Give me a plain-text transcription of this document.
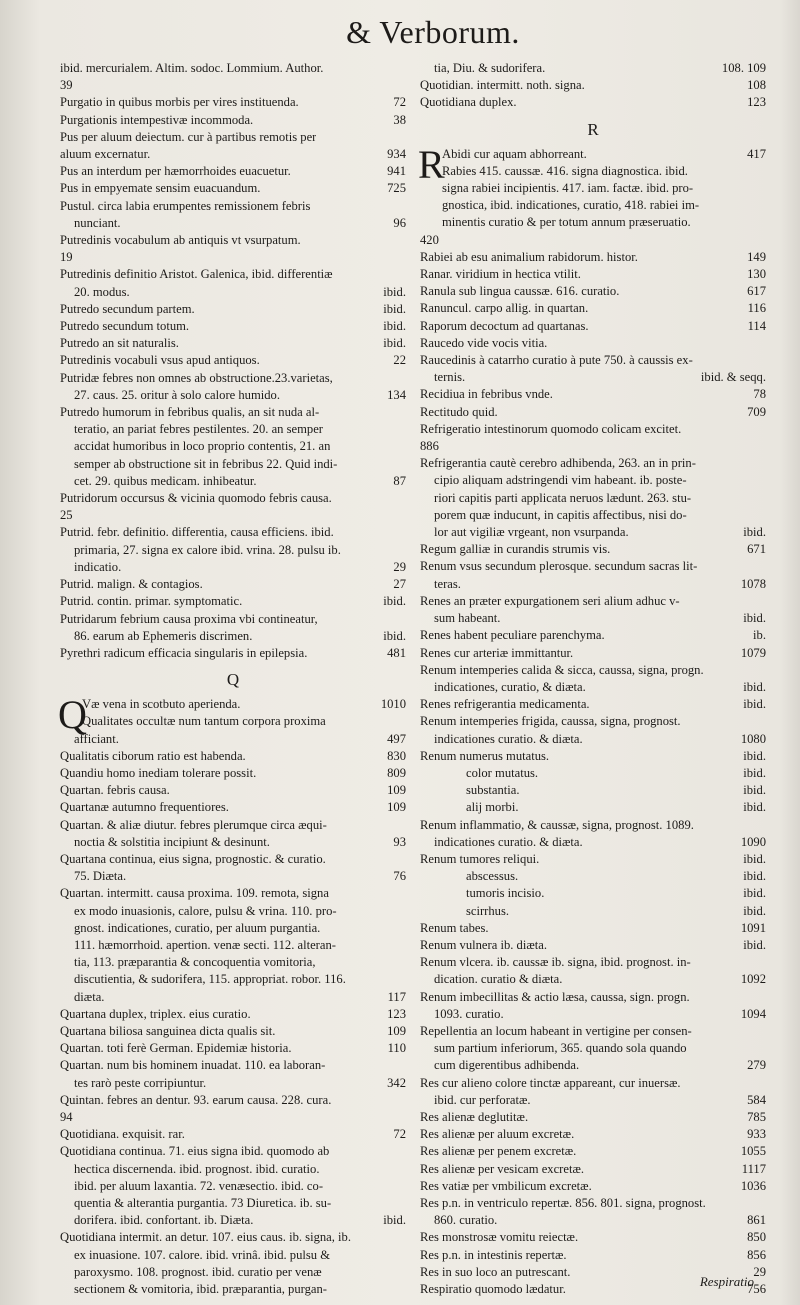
& Verborum.
ibid. mercurialem. Altim. sodoc. Lommium. Author.
39
Purgatio in quibus morbis per vires instituenda.	72
Purgationis intempestivæ incommoda.	38
Pus per aluum deiectum. cur à partibus remotis per
aluum excernatur.	934
Pus an interdum per hæmorrhoides euacuetur.	941
Pus in empyemate sensim euacuandum.	725
Pustul. circa labia erumpentes remissionem febris
nunciant.	96
Putredinis vocabulum ab antiquis vt vsurpatum.
19
Putredinis definitio Aristot. Galenica, ibid. differentiæ
20. modus.	ibid.
Putredo secundum partem.	ibid.
Putredo secundum totum.	ibid.
Putredo an sit naturalis.	ibid.
Putredinis vocabuli vsus apud antiquos.	22
Putridæ febres non omnes ab obstructione.23.varietas,
27. caus. 25. oritur à solo calore humido.	134
Putredo humorum in febribus qualis, an sit nuda al-
teratio, an pariat febres pestilentes. 20. an semper
accidat humoribus in loco proprio contentis, 21. an
semper ab obstructione sit in febribus 22. Quid indi-
cet. 29. quibus medicam. inhibeatur.	87
Putridorum occursus & vicinia quomodo febris causa.
25
Putrid. febr. definitio. differentia, causa efficiens. ibid.
primaria, 27. signa ex calore ibid. vrina. 28. pulsu ib.
indicatio.	29
Putrid. malign. & contagios.	27
Putrid. contin. primar. symptomatic.	ibid.
Putridarum febrium causa proxima vbi contineatur,
86. earum ab Ephemeris discrimen.	ibid.
Pyrethri radicum efficacia singularis in epilepsia.	481
Q
Q
Væ vena in scotbuto aperienda.	1010
Qualitates occultæ num tantum corpora proxima
afficiant.	497
Qualitatis ciborum ratio est habenda.	830
Quandiu homo inediam tolerare possit.	809
Quartan. febris causa.	109
Quartanæ autumno frequentiores.	109
Quartan. & aliæ diutur. febres plerumque circa æqui-
noctia & solstitia incipiunt & desinunt.	93
Quartana continua, eius signa, prognostic. & curatio.
75. Diæta.	76
Quartan. intermitt. causa proxima. 109. remota, signa
ex modo inuasionis, calore, pulsu & vrina. 110. pro-
gnost. indicationes, curatio, per aluum purgantia.
111. hæmorrhoid. apertion. venæ secti. 112. alteran-
tia, 113. præparantia & concoquentia vomitoria,
discutientia, & sudorifera, 115. appropriat. robor. 116.
diæta.	117
Quartana duplex, triplex. eius curatio.	123
Quartana biliosa sanguinea dicta qualis sit.	109
Quartan. toti ferè German. Epidemiæ historia.	110
Quartan. num bis hominem inuadat. 110. ea laboran-
tes rarò peste corripiuntur.	342
Quintan. febres an dentur. 93. earum causa. 228. cura.
94
Quotidiana. exquisit. rar.	72
Quotidiana continua. 71. eius signa ibid. quomodo ab
hectica discernenda. ibid. prognost. ibid. curatio.
ibid. per aluum laxantia. 72. venæsectio. ibid. co-
quentia & alterantia purgantia. 73 Diuretica. ib. su-
dorifera. ibid. confortant. ib. Diæta.	ibid.
Quotidiana intermit. an detur. 107. eius caus. ib. signa, ib.
ex inuasione. 107. calore. ibid. vrinâ. ibid. pulsu &
paroxysmo. 108. prognost. ibid. curatio per venæ
sectionem & vomitoria, ibid. præparantia, purgan-
tia, Diu. & sudorifera.	108. 109
Quotidian. intermitt. noth. signa.	108
Quotidiana duplex.	123
R
R
Abidi cur aquam abhorreant.	417
Rabies 415. caussæ. 416. signa diagnostica. ibid.
signa rabiei incipientis. 417. iam. factæ. ibid. pro-
gnostica, ibid. indicationes, curatio, 418. rabiei im-
minentis curatio & per totum annum præseruatio.
420
Rabiei ab esu animalium rabidorum. histor.	149
Ranar. viridium in hectica vtilit.	130
Ranula sub lingua caussæ. 616. curatio.	617
Ranuncul. carpo allig. in quartan.	116
Raporum decoctum ad quartanas.	114
Raucedo vide vocis vitia.
Raucedinis à catarrho curatio à pute 750. à caussis ex-
ternis.	ibid. & seqq.
Recidiua in febribus vnde.	78
Rectitudo quid.	709
Refrigeratio intestinorum quomodo colicam excitet.
886
Refrigerantia cautè cerebro adhibenda, 263. an in prin-
cipio aliquam adstringendi vim habeant. ib. poste-
riori capitis parti applicata neruos lædunt. 263. stu-
porem quæ inducunt, in capitis affectibus, nisi do-
lor aut vigiliæ vrgeant, non vsurpanda.	ibid.
Regum galliæ in curandis strumis vis.	671
Renum vsus secundum plerosque. secundum sacras lit-
teras.	1078
Renes an præter expurgationem seri alium adhuc v-
sum habeant.	ibid.
Renes habent peculiare parenchyma.	ib.
Renes cur arteriæ immittantur.	1079
Renum intemperies calida & sicca, caussa, signa, progn.
indicationes, curatio, & diæta.	ibid.
Renes refrigerantia medicamenta.	ibid.
Renum intemperies frigida, caussa, signa, prognost.
indicationes curatio. & diæta.	1080
Renum numerus mutatus.	ibid.
color mutatus.	ibid.
substantia.	ibid.
alij morbi.	ibid.
Renum inflammatio, & caussæ, signa, prognost. 1089.
indicationes curatio. & diæta.	1090
Renum tumores reliqui.	ibid.
abscessus.	ibid.
tumoris incisio.	ibid.
scirrhus.	ibid.
Renum tabes.	1091
Renum vulnera ib. diæta.	ibid.
Renum vlcera. ib. caussæ ib. signa, ibid. prognost. in-
dication. curatio & diæta.	1092
Renum imbecillitas & actio læsa, caussa, sign. progn.
1093. curatio.	1094
Repellentia an locum habeant in vertigine per consen-
sum partium inferiorum, 365. quando sola quando
cum digerentibus adhibenda.	279
Res cur alieno colore tinctæ appareant, cur inuersæ.
ibid. cur perforatæ.	584
Res alienæ deglutitæ.	785
Res alienæ per aluum excretæ.	933
Res alienæ per penem excretæ.	1055
Res alienæ per vesicam excretæ.	1117
Res vatiæ per vmbilicum excretæ.	1036
Res p.n. in ventriculo repertæ. 856. 801. signa, prognost.
860. curatio.	861
Res monstrosæ vomitu reiectæ.	850
Res p.n. in intestinis repertæ.	856
Res in suo loco an putrescant.	29
Respiratio quomodo lædatur.	756
Respiratio
